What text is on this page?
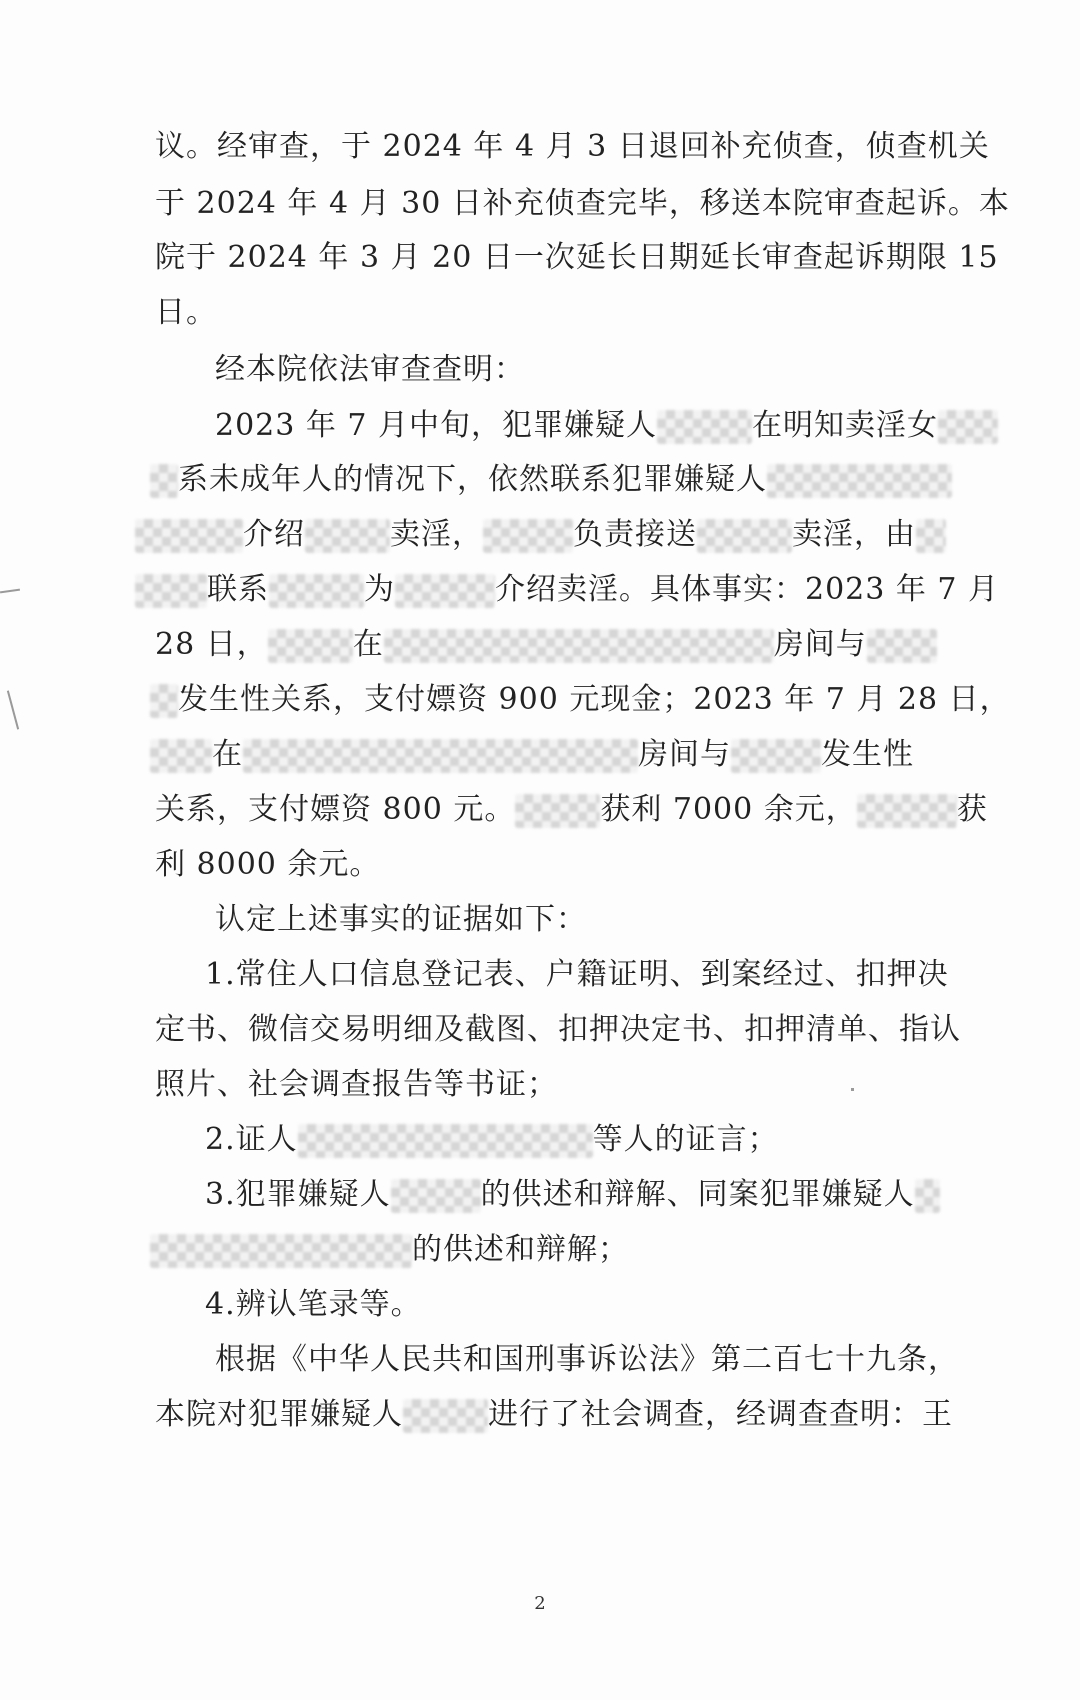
议。经审查，于 2024 年 4 月 3 日退回补充侦查，侦查机关
于 2024 年 4 月 30 日补充侦查完毕，移送本院审查起诉。本
院于 2024 年 3 月 20 日一次延长日期延长审查起诉期限 15
日。
经本院依法审查查明：
2023 年 7 月中旬，犯罪嫌疑人	在明知卖淫女
系未成年人的情况下，依然联系犯罪嫌疑人
介绍	卖淫，	负责接送	卖淫，由
联系	为	介绍卖淫。具体事实：2023 年 7 月
28 日，	在	房间与
发生性关系，支付嫖资 900 元现金；2023 年 7 月 28 日，
在	房间与	发生性
关系，支付嫖资 800 元。	获利 7000 余元，	获
利 8000 余元。
认定上述事实的证据如下：
1.常住人口信息登记表、户籍证明、到案经过、扣押决
定书、微信交易明细及截图、扣押决定书、扣押清单、指认
照片、社会调查报告等书证；
2.证人	等人的证言；
3.犯罪嫌疑人	的供述和辩解、同案犯罪嫌疑人
的供述和辩解；
4.辨认笔录等。
根据《中华人民共和国刑事诉讼法》第二百七十九条，
本院对犯罪嫌疑人	进行了社会调查，经调查查明：王
2
